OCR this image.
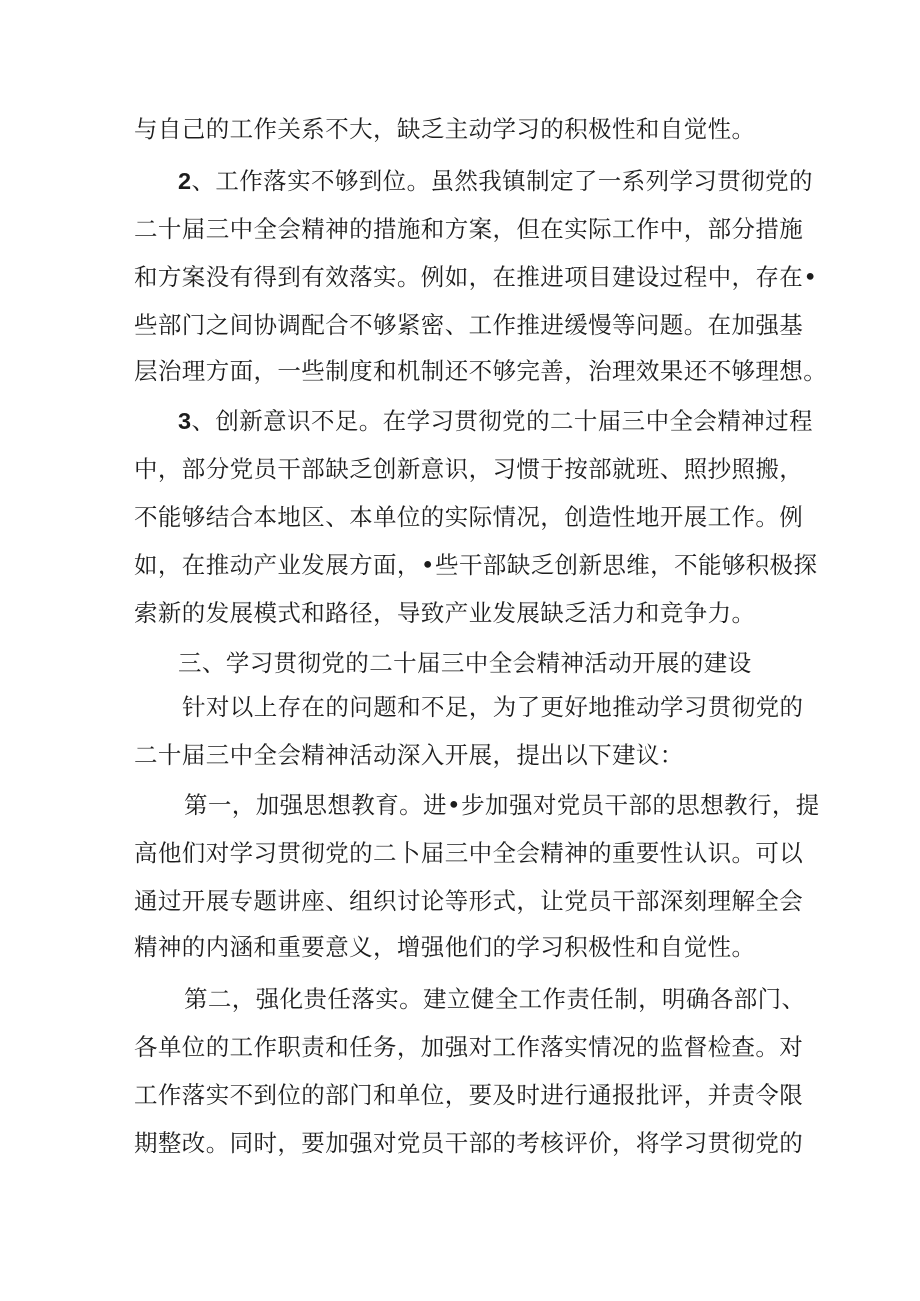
与自己的工作关系不大，缺乏主动学习的积极性和自觉性。
2、工作落实不够到位。虽然我镇制定了一系列学习贯彻党的
二十届三中全会精神的措施和方案，但在实际工作中，部分措施
和方案没有得到有效落实。例如，在推进项目建设过程中，存在•
些部门之间协调配合不够紧密、工作推进缓慢等问题。在加强基
层治理方面，一些制度和机制还不够完善，治理效果还不够理想。
3、创新意识不足。在学习贯彻党的二十届三中全会精神过程
中，部分党员干部缺乏创新意识，习惯于按部就班、照抄照搬，
不能够结合本地区、本单位的实际情况，创造性地开展工作。例
如，在推动产业发展方面，•些干部缺乏创新思维，不能够积极探
索新的发展模式和路径，导致产业发展缺乏活力和竞争力。
三、学习贯彻党的二十届三中全会精神活动开展的建设
针对以上存在的问题和不足，为了更好地推动学习贯彻党的
二十届三中全会精神活动深入开展，提出以下建议：
第一，加强思想教育。进•步加强对党员干部的思想教行，提
高他们对学习贯彻党的二卜届三中全会精神的重要性认识。可以
通过开展专题讲座、组织讨论等形式，让党员干部深刻理解全会
精神的内涵和重要意义，增强他们的学习积极性和自觉性。
第二，强化贵任落实。建立健全工作责任制，明确各部门、
各单位的工作职责和任务，加强对工作落实情况的监督检查。对
工作落实不到位的部门和单位，要及时进行通报批评，并责令限
期整改。同时，要加强对党员干部的考核评价，将学习贯彻党的
